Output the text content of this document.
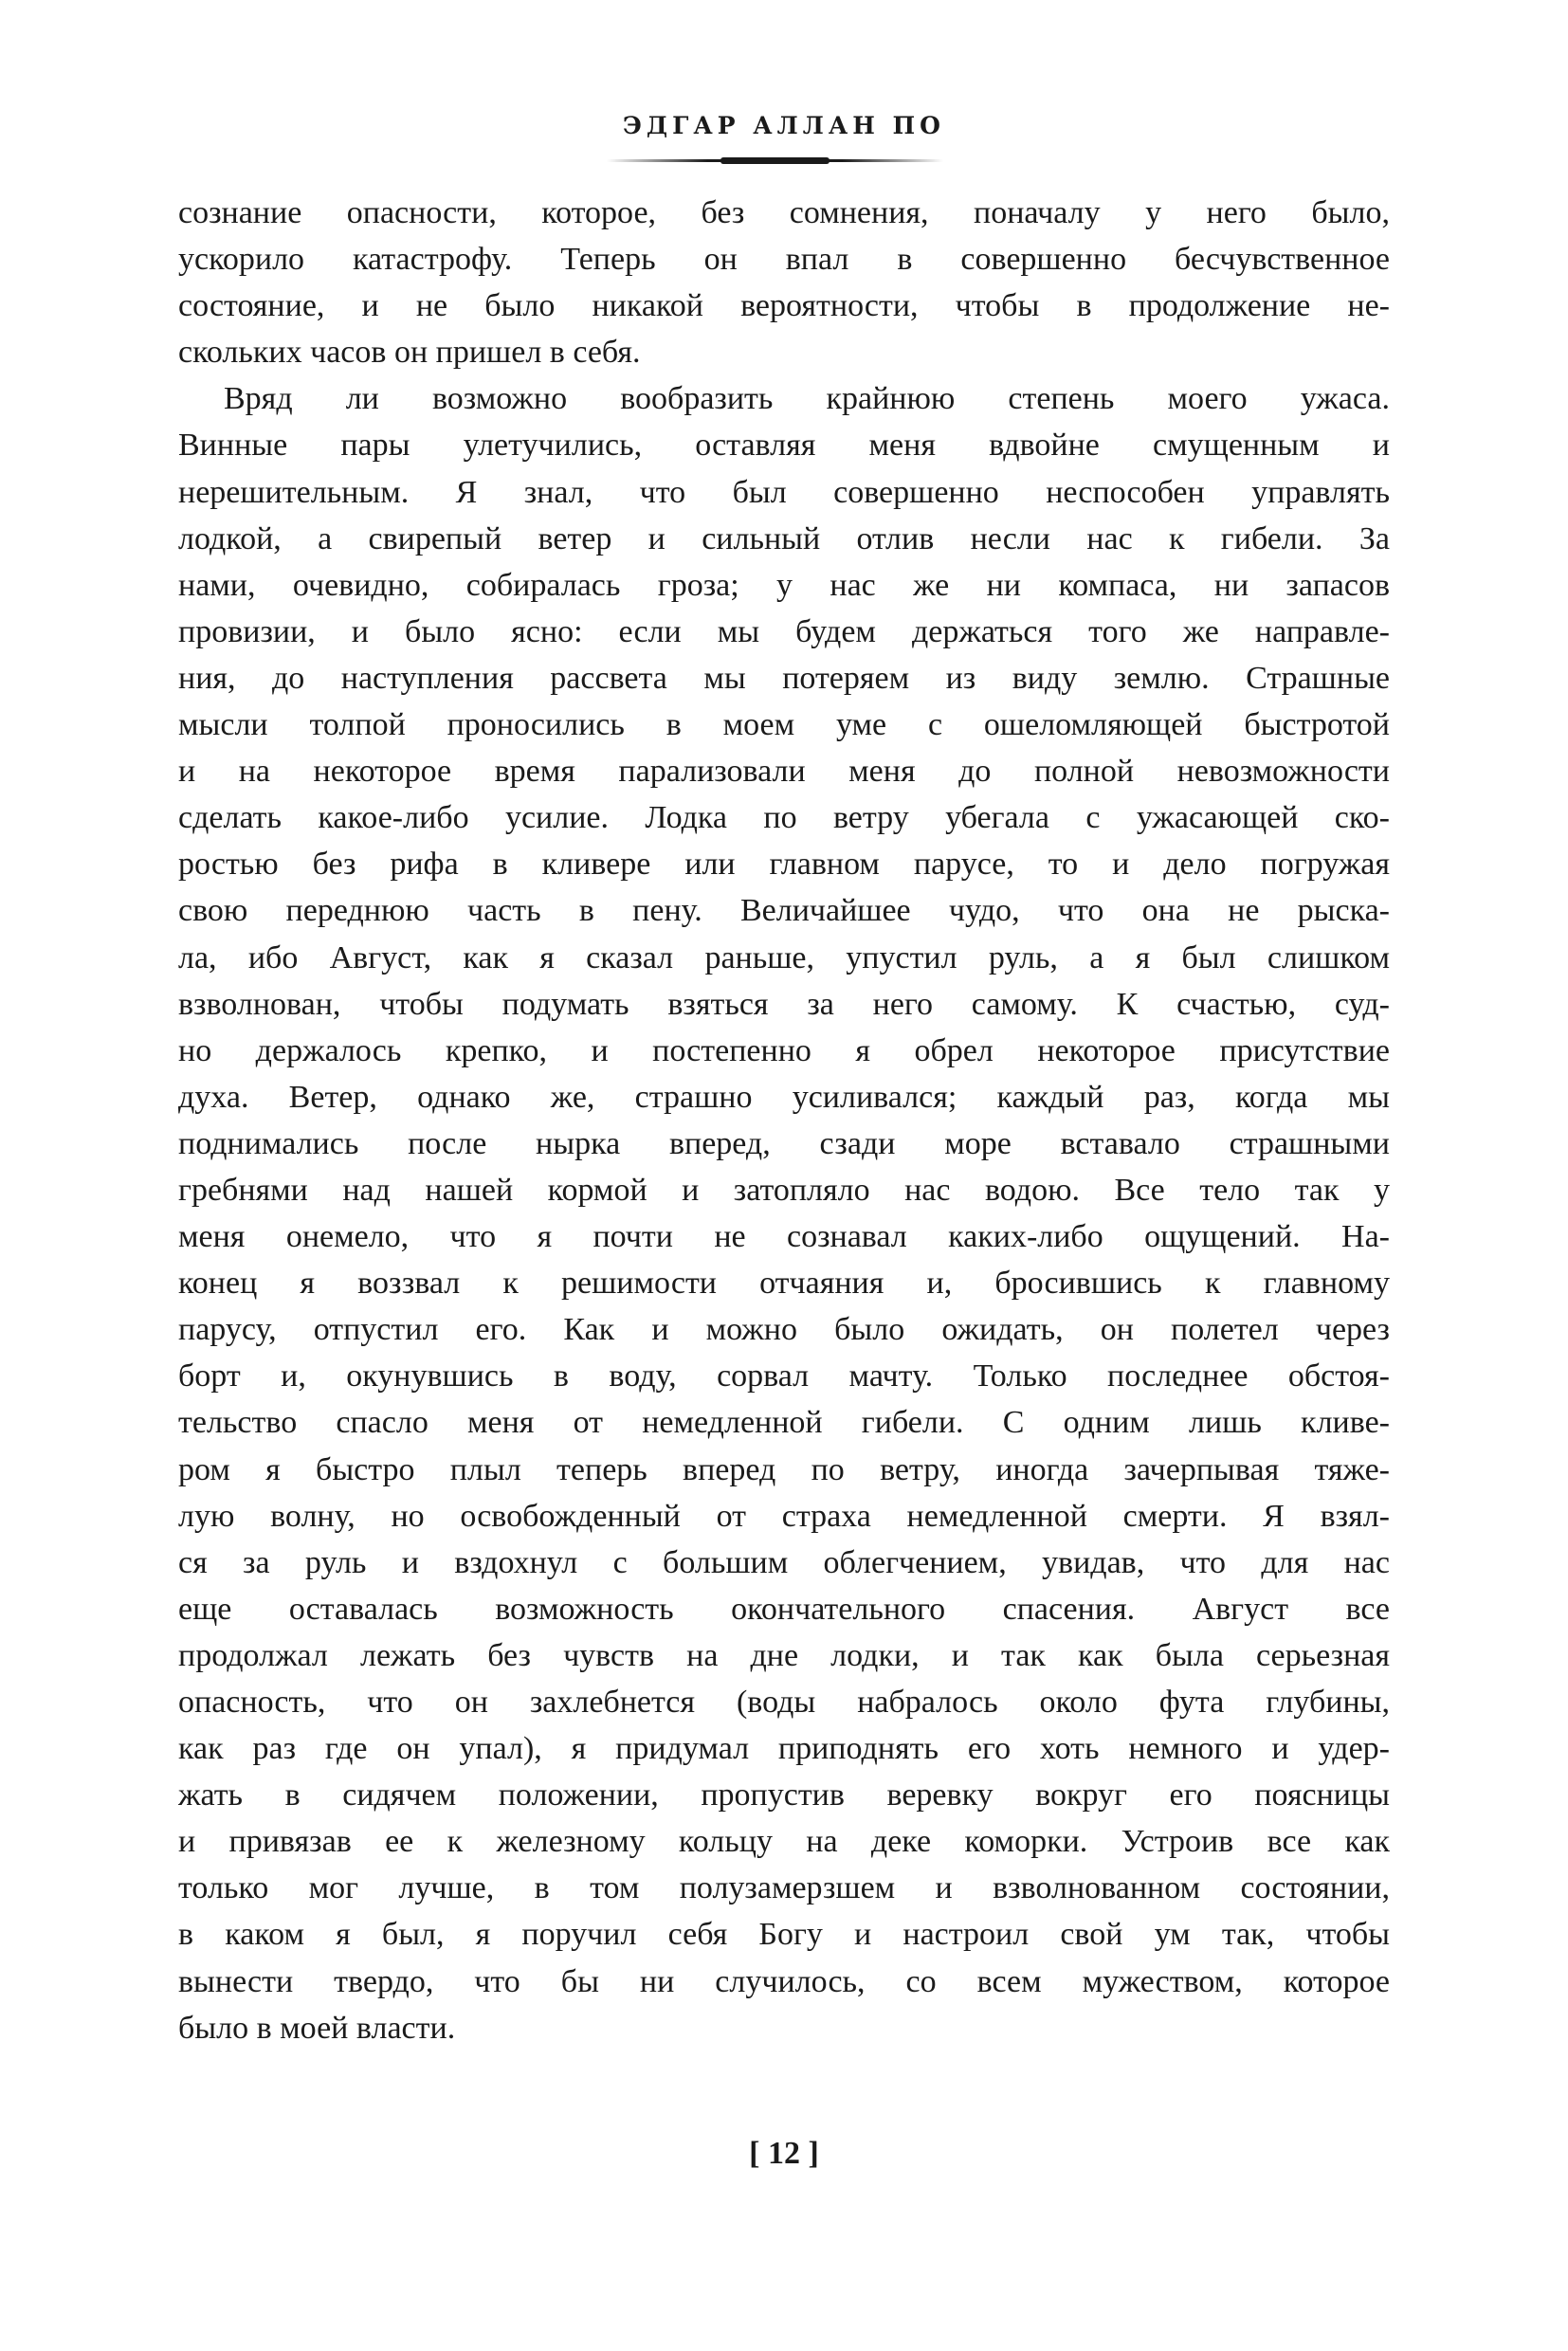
ЭДГАР АЛЛАН ПО
сознание опасности, которое, без сомнения, поначалу у него было,
ускорило катастрофу. Теперь он впал в совершенно бесчувственное
состояние, и не было никакой вероятности, чтобы в продолжение не-
скольких часов он пришел в себя.
Вряд ли возможно вообразить крайнюю степень моего ужаса.
Винные пары улетучились, оставляя меня вдвойне смущенным и
нерешительным. Я знал, что был совершенно неспособен управлять
лодкой, а свирепый ветер и сильный отлив несли нас к гибели. За
нами, очевидно, собиралась гроза; у нас же ни компаса, ни запасов
провизии, и было ясно: если мы будем держаться того же направле-
ния, до наступления рассвета мы потеряем из виду землю. Страшные
мысли толпой проносились в моем уме с ошеломляющей быстротой
и на некоторое время парализовали меня до полной невозможности
сделать какое-либо усилие. Лодка по ветру убегала с ужасающей ско-
ростью без рифа в кливере или главном парусе, то и дело погружая
свою переднюю часть в пену. Величайшее чудо, что она не рыска-
ла, ибо Август, как я сказал раньше, упустил руль, а я был слишком
взволнован, чтобы подумать взяться за него самому. К счастью, суд-
но держалось крепко, и постепенно я обрел некоторое присутствие
духа. Ветер, однако же, страшно усиливался; каждый раз, когда мы
поднимались после нырка вперед, сзади море вставало страшными
гребнями над нашей кормой и затопляло нас водою. Все тело так у
меня онемело, что я почти не сознавал каких-либо ощущений. На-
конец я воззвал к решимости отчаяния и, бросившись к главному
парусу, отпустил его. Как и можно было ожидать, он полетел через
борт и, окунувшись в воду, сорвал мачту. Только последнее обстоя-
тельство спасло меня от немедленной гибели. С одним лишь кливе-
ром я быстро плыл теперь вперед по ветру, иногда зачерпывая тяже-
лую волну, но освобожденный от страха немедленной смерти. Я взял-
ся за руль и вздохнул с большим облегчением, увидав, что для нас
еще оставалась возможность окончательного спасения. Август все
продолжал лежать без чувств на дне лодки, и так как была серьезная
опасность, что он захлебнется (воды набралось около фута глубины,
как раз где он упал), я придумал приподнять его хоть немного и удер-
жать в сидячем положении, пропустив веревку вокруг его поясницы
и привязав ее к железному кольцу на деке коморки. Устроив все как
только мог лучше, в том полузамерзшем и взволнованном состоянии,
в каком я был, я поручил себя Богу и настроил свой ум так, чтобы
вынести твердо, что бы ни случилось, со всем мужеством, которое
было в моей власти.
[ 12 ]
